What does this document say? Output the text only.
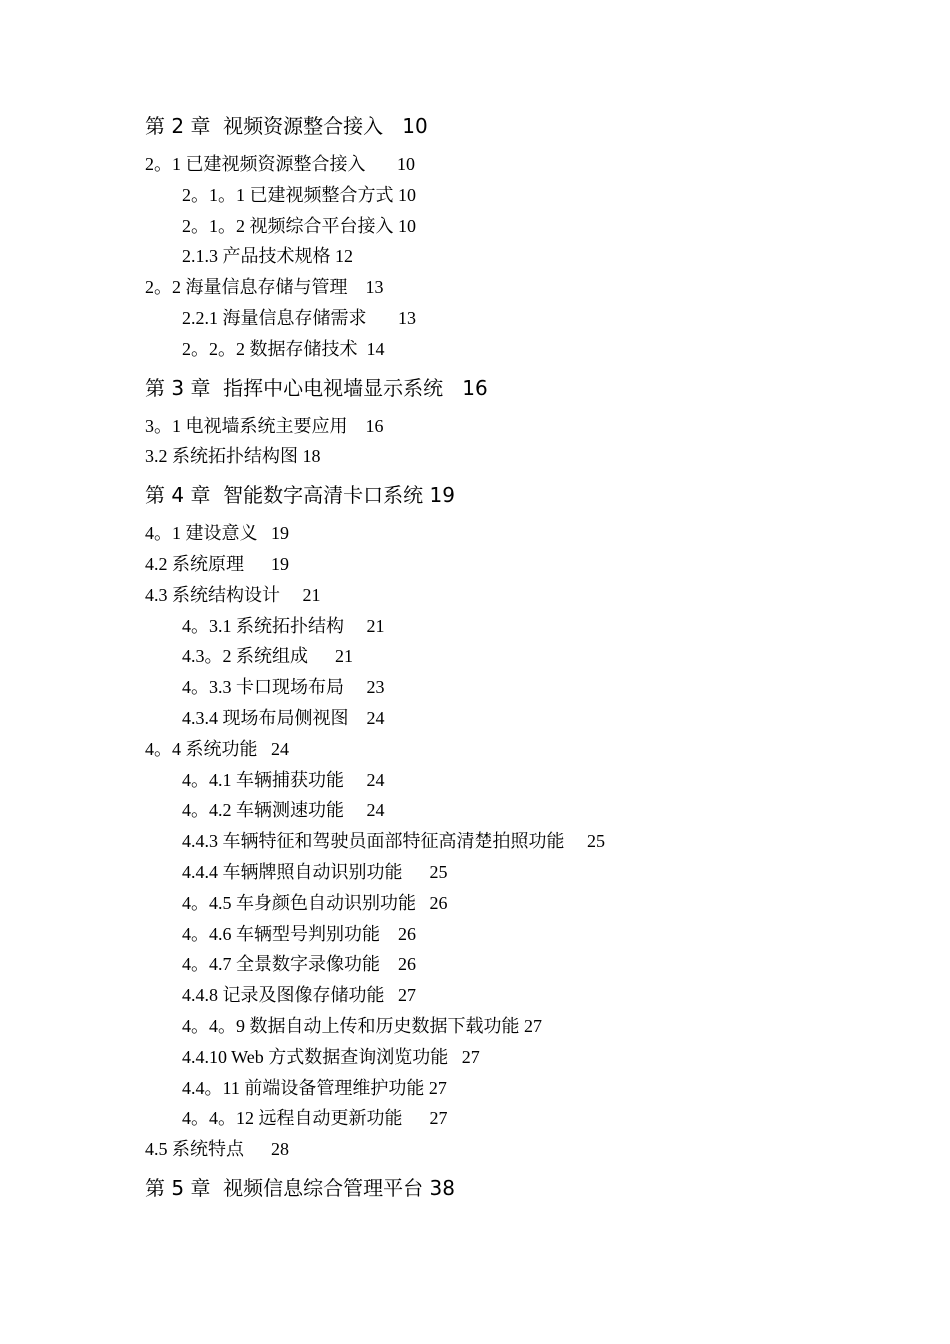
第 2 章  视频资源整合接入   10
2。1 已建视频资源整合接入	10
2。1。1 已建视频整合方式 10
2。1。2 视频综合平台接入 10
2.1.3 产品技术规格 12
2。2 海量信息存储与管理    13
2.2.1 海量信息存储需求	13
2。2。2 数据存储技术  14
第 3 章  指挥中心电视墙显示系统   16
3。1 电视墙系统主要应用    16
3.2 系统拓扑结构图 18
第 4 章  智能数字高清卡口系统 19
4。1 建设意义   19
4.2 系统原理      19
4.3 系统结构设计     21
4。3.1 系统拓扑结构     21
4.3。2 系统组成      21
4。3.3 卡口现场布局     23
4.3.4 现场布局侧视图    24
4。4 系统功能   24
4。4.1 车辆捕获功能     24
4。4.2 车辆测速功能     24
4.4.3 车辆特征和驾驶员面部特征高清楚拍照功能     25
4.4.4 车辆牌照自动识别功能      25
4。4.5 车身颜色自动识别功能   26
4。4.6 车辆型号判别功能    26
4。4.7 全景数字录像功能    26
4.4.8 记录及图像存储功能   27
4。4。9 数据自动上传和历史数据下载功能 27
4.4.10 Web 方式数据查询浏览功能   27
4.4。11 前端设备管理维护功能 27
4。4。12 远程自动更新功能      27
4.5 系统特点      28
第 5 章  视频信息综合管理平台 38
